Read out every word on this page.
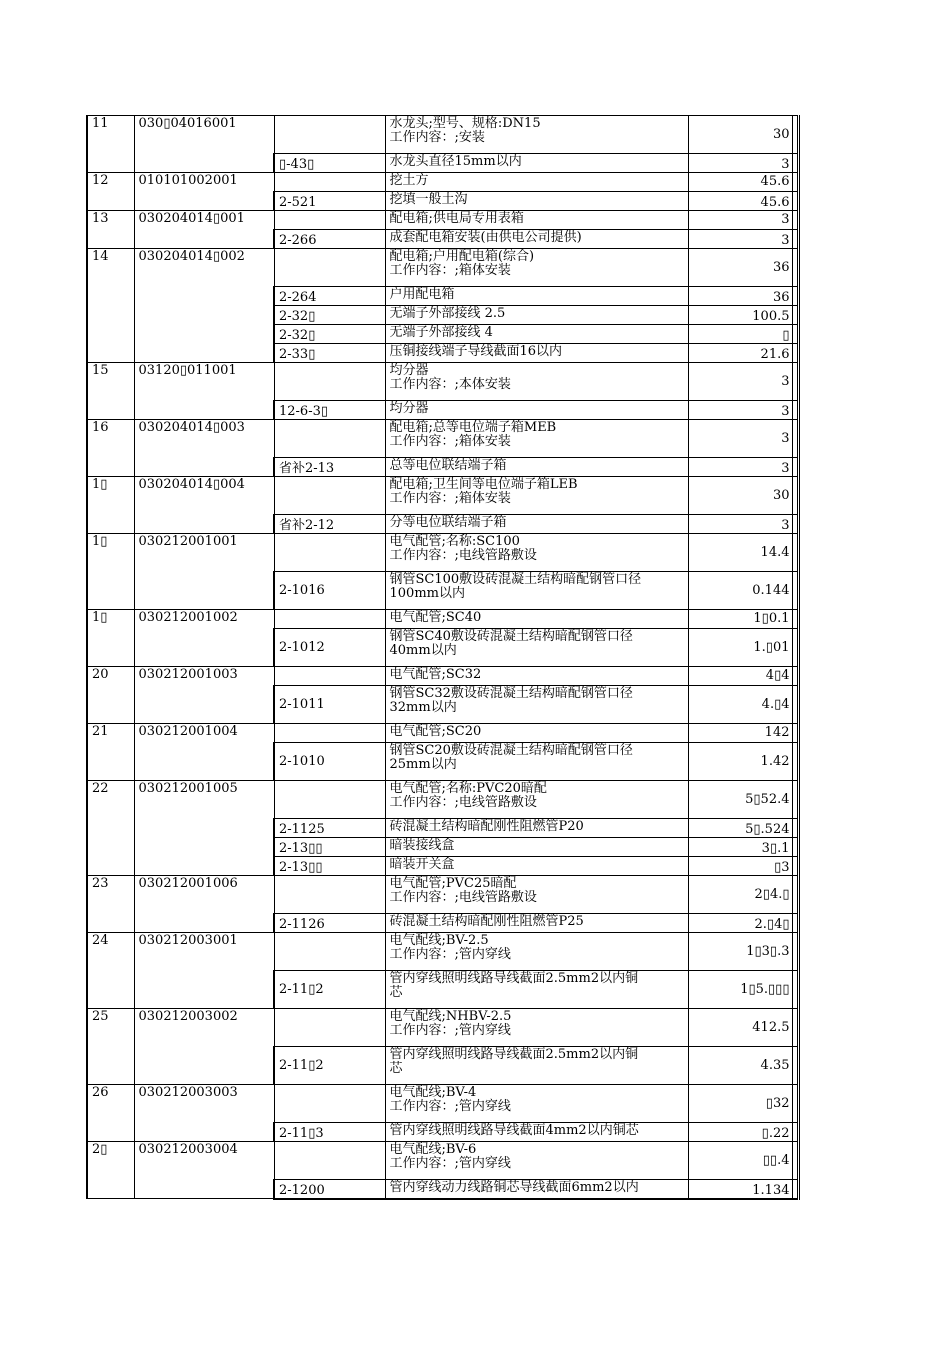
11	030▯04016001		水龙头;型号、规格:DN15
工作内容：;安装	30	
		▯-43▯	水龙头直径15mm以内	3	
12	010101002001		挖土方	45.6	
		2-521	挖填一般土沟	45.6	
13	030204014▯001		配电箱;供电局专用表箱	3	
		2-266	成套配电箱安装(由供电公司提供)	3	
14	030204014▯002		配电箱;户用配电箱(综合)
工作内容：;箱体安装	36	
		2-264	户用配电箱	36	
		2-32▯	无端子外部接线 2.5	100.5	
		2-32▯	无端子外部接线 4	▯	
		2-33▯	压铜接线端子导线截面16以内	21.6	
15	03120▯011001		均分器
工作内容：;本体安装	3	
		12-6-3▯	均分器	3	
16	030204014▯003		配电箱;总等电位端子箱MEB
工作内容：;箱体安装	3	
		省补2-13	总等电位联结端子箱	3	
1▯	030204014▯004		配电箱;卫生间等电位端子箱LEB
工作内容：;箱体安装	30	
		省补2-12	分等电位联结端子箱	3	
1▯	030212001001		电气配管;名称:SC100
工作内容：;电线管路敷设	14.4	
		2-1016	钢管SC100敷设砖混凝土结构暗配钢管口径
100mm以内	0.144	
1▯	030212001002		电气配管;SC40	1▯0.1	
		2-1012	钢管SC40敷设砖混凝土结构暗配钢管口径
40mm以内	1.▯01	
20	030212001003		电气配管;SC32	4▯4	
		2-1011	钢管SC32敷设砖混凝土结构暗配钢管口径
32mm以内	4.▯4	
21	030212001004		电气配管;SC20	142	
		2-1010	钢管SC20敷设砖混凝土结构暗配钢管口径
25mm以内	1.42	
22	030212001005		电气配管;名称:PVC20暗配
工作内容：;电线管路敷设	5▯52.4	
		2-1125	砖混凝土结构暗配刚性阻燃管P20	5▯.524	
		2-13▯▯	暗装接线盒	3▯.1	
		2-13▯▯	暗装开关盒	▯3	
23	030212001006		电气配管;PVC25暗配
工作内容：;电线管路敷设	2▯4.▯	
		2-1126	砖混凝土结构暗配刚性阻燃管P25	2.▯4▯	
24	030212003001		电气配线;BV-2.5
工作内容：;管内穿线	1▯3▯.3	
		2-11▯2	管内穿线照明线路导线截面2.5mm2以内铜
芯	1▯5.▯▯▯	
25	030212003002		电气配线;NHBV-2.5
工作内容：;管内穿线	412.5	
		2-11▯2	管内穿线照明线路导线截面2.5mm2以内铜
芯	4.35	
26	030212003003		电气配线;BV-4
工作内容：;管内穿线	▯32	
		2-11▯3	管内穿线照明线路导线截面4mm2以内铜芯	▯.22	
2▯	030212003004		电气配线;BV-6
工作内容：;管内穿线	▯▯.4	
		2-1200	管内穿线动力线路铜芯导线截面6mm2以内	1.134	
